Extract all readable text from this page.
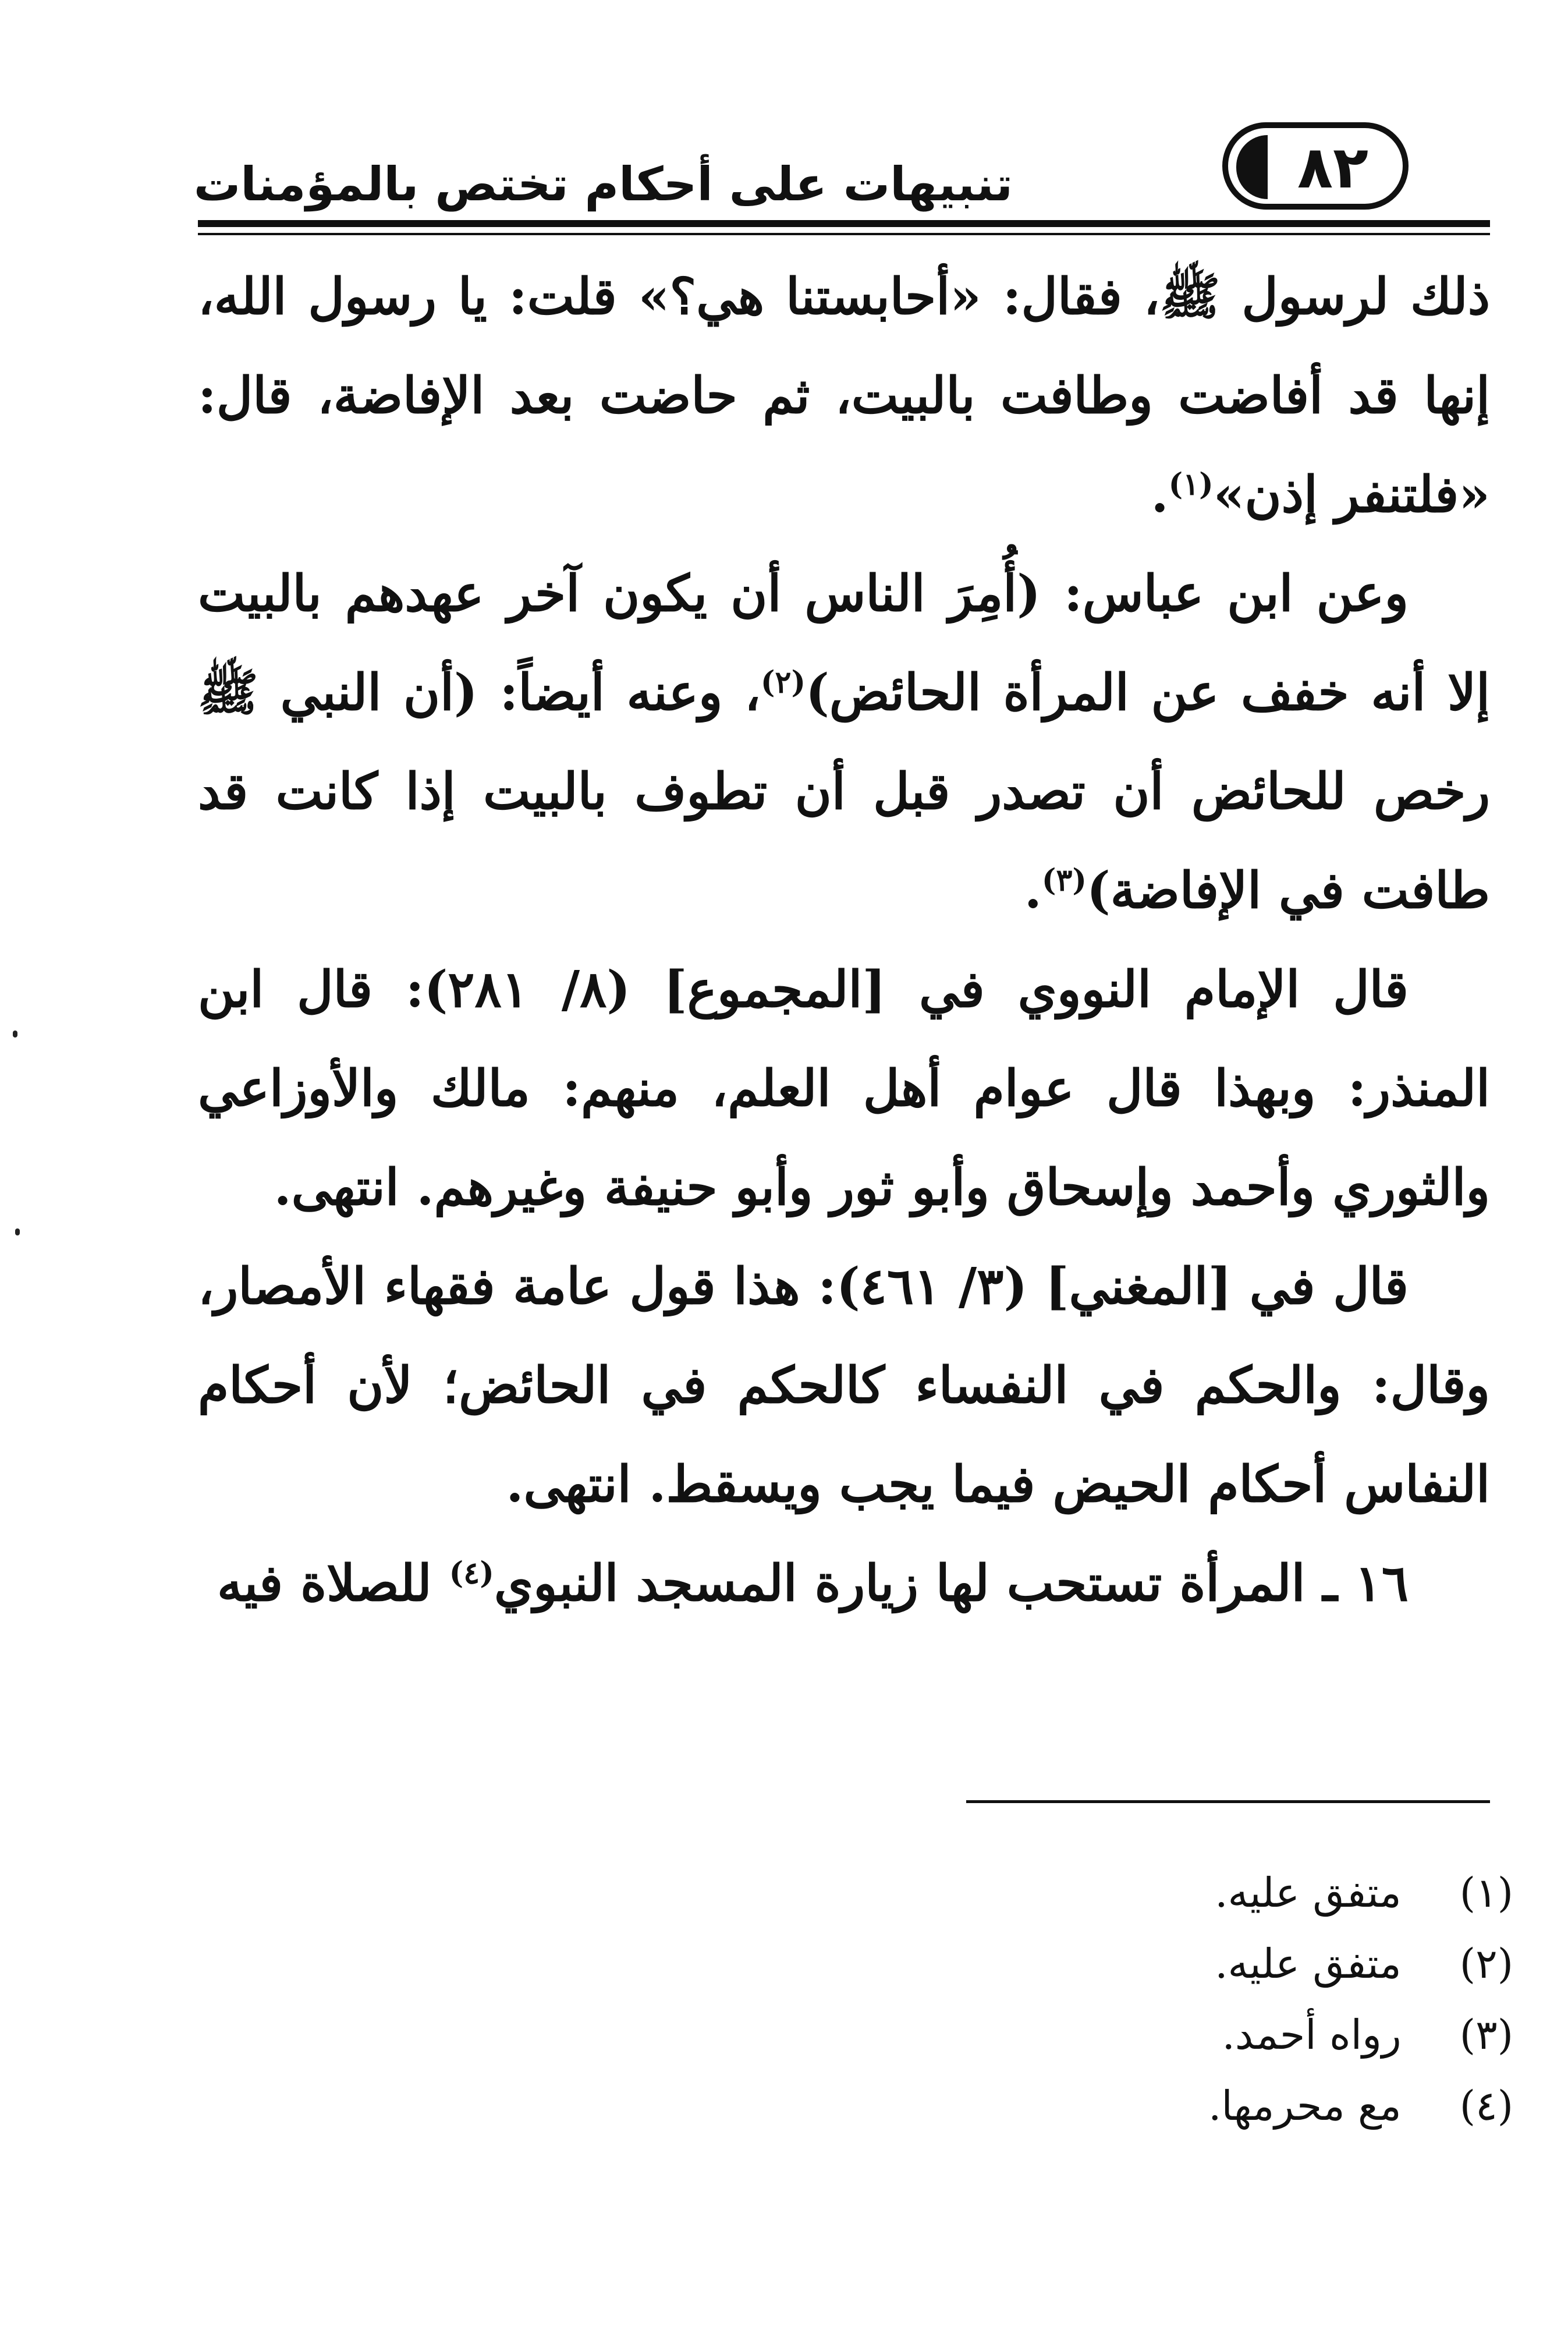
تنبيهات على أحكام تختص بالمؤمنات	٨٢

ذلك لرسول ﷺ، فقال: «أحابستنا هي؟» قلت: يا رسول الله، إنها قد أفاضت وطافت بالبيت، ثم حاضت بعد الإفاضة، قال: «فلتنفر إذن»$^{(١)}$.

وعن ابن عباس: (أُمِرَ الناس أن يكون آخر عهدهم بالبيت إلا أنه خفف عن المرأة الحائض)$^{(٢)}$، وعنه أيضاً: (أن النبي ﷺ رخص للحائض أن تصدر قبل أن تطوف بالبيت إذا كانت قد طافت في الإفاضة)$^{(٣)}$.

قال الإمام النووي في [المجموع] (٨/ ٢٨١): قال ابن المنذر: وبهذا قال عوام أهل العلم، منهم: مالك والأوزاعي والثوري وأحمد وإسحاق وأبو ثور وأبو حنيفة وغيرهم. انتهى.

قال في [المغني] (٣/ ٤٦١): هذا قول عامة فقهاء الأمصار، وقال: والحكم في النفساء كالحكم في الحائض؛ لأن أحكام النفاس أحكام الحيض فيما يجب ويسقط. انتهى.

١٦ ـ المرأة تستحب لها زيارة المسجد النبوي$^{(٤)}$ للصلاة فيه

(١) متفق عليه.
(٢) متفق عليه.
(٣) رواه أحمد.
(٤) مع محرمها.
